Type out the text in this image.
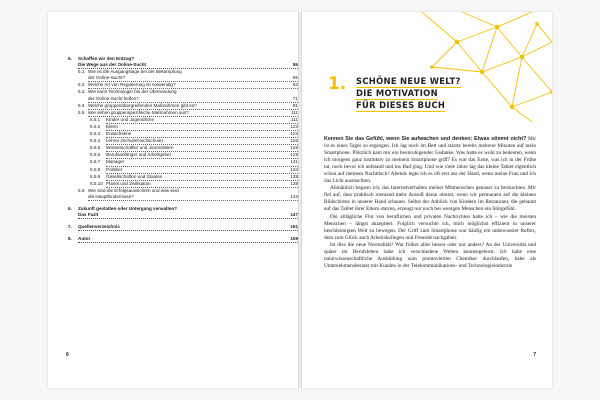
5.	Schaffen wir den Entzug?
Die Wege aus der Online-Sucht	55
5.1 Wie ist die Ausgangslage bei der Bekämpfung
der Online-Sucht?	55
5.2 Welche Art von Regulierung ist notwendig?	62
5.3 Wie kann Technologie bei der Überwindung
der Online-Sucht helfen?	71
5.4 Welche gruppenübergreifenden Maßnahmen gibt es?	81
5.5 Wie sehen gruppenspezifische Maßnahmen aus?	111
5.5.1	Kinder und Jugendliche	111
5.5.2	Eltern	123
5.5.3	Erwachsene	124
5.5.4	Lehrer (Schule/Hochschule)	126
5.5.5	Wissenschaftler und Journalisten	128
5.5.6	Berufsanfänger und Arbeitgeber	129
5.5.7	Manager	131
5.5.8	Politiker	134
5.5.9	Gesellschaften und Staaten	138
5.5.10 Planet und Zivilisation	139
5.6 Wie sind die Erfolgsaussichten und was sind
die Haupthindernisse?	143
6.	Zukunft gestalten oder Untergang verwalten?
Das Fazit	147
7.	Quellenverzeichnis	151
8.	Autor	159
6
1. SCHÖNE NEUE WELT?
DIE MOTIVATION
FÜR DIESES BUCH

Kennen Sie das Gefühl, wenn Sie aufwachen und denken: Etwas stimmt nicht? Mir ist es eines Tages so ergangen. Ich lag noch im Bett und starrte bereits mehrere Minuten auf mein Smartphone. Plötzlich kam mir ein beunruhigender Gedanke. Was hatte es wohl zu bedeuten, wenn ich morgens ganz instinktiv zu meinem Smartphone griff? Es war das Erste, was ich in der Frühe tat, noch bevor ich aufstand und ins Bad ging. Und wie viele Jahre lag das kleine Tablet eigentlich schon auf meinem Nachttisch? Abends legte ich es oft erst aus der Hand, wenn meine Frau und ich das Licht ausmachten.

Allmählich begann ich, das Internetverhalten meiner Mitmenschen genauer zu beobachten. Mir fiel auf, dass praktisch niemand mehr Anstoß daran nimmt, wenn wir permanent auf die kleinen Bildschirme in unserer Hand schauen. Selbst der Anblick von Kindern im Restaurant, die gebannt auf das Tablet ihrer Eltern starren, erzeugt nur noch bei wenigen Menschen ein Störgefühl.

Die alltägliche Flut von beruflichen und privaten Nachrichten hatte ich – wie die meisten Menschen – längst akzeptiert. Folglich versuchte ich, mich möglichst effizient in unserer beschleunigten Welt zu bewegen. Der Griff zum Smartphone war häufig ein unbewusster Reflex, dem zum Glück auch Arbeitskollegen und Freunde nachgaben.

Ist dies die neue Normalität? War früher alles besser oder nur anders? An der Universität und später im Berufsleben habe ich verschiedene Welten kennengelernt. Ich habe eine naturwissenschaftliche Ausbildung zum promovierten Chemiker durchlaufen, habe als Unternehmensberater mit Kunden in der Telekommunikations- und Technologieindustrie

7
